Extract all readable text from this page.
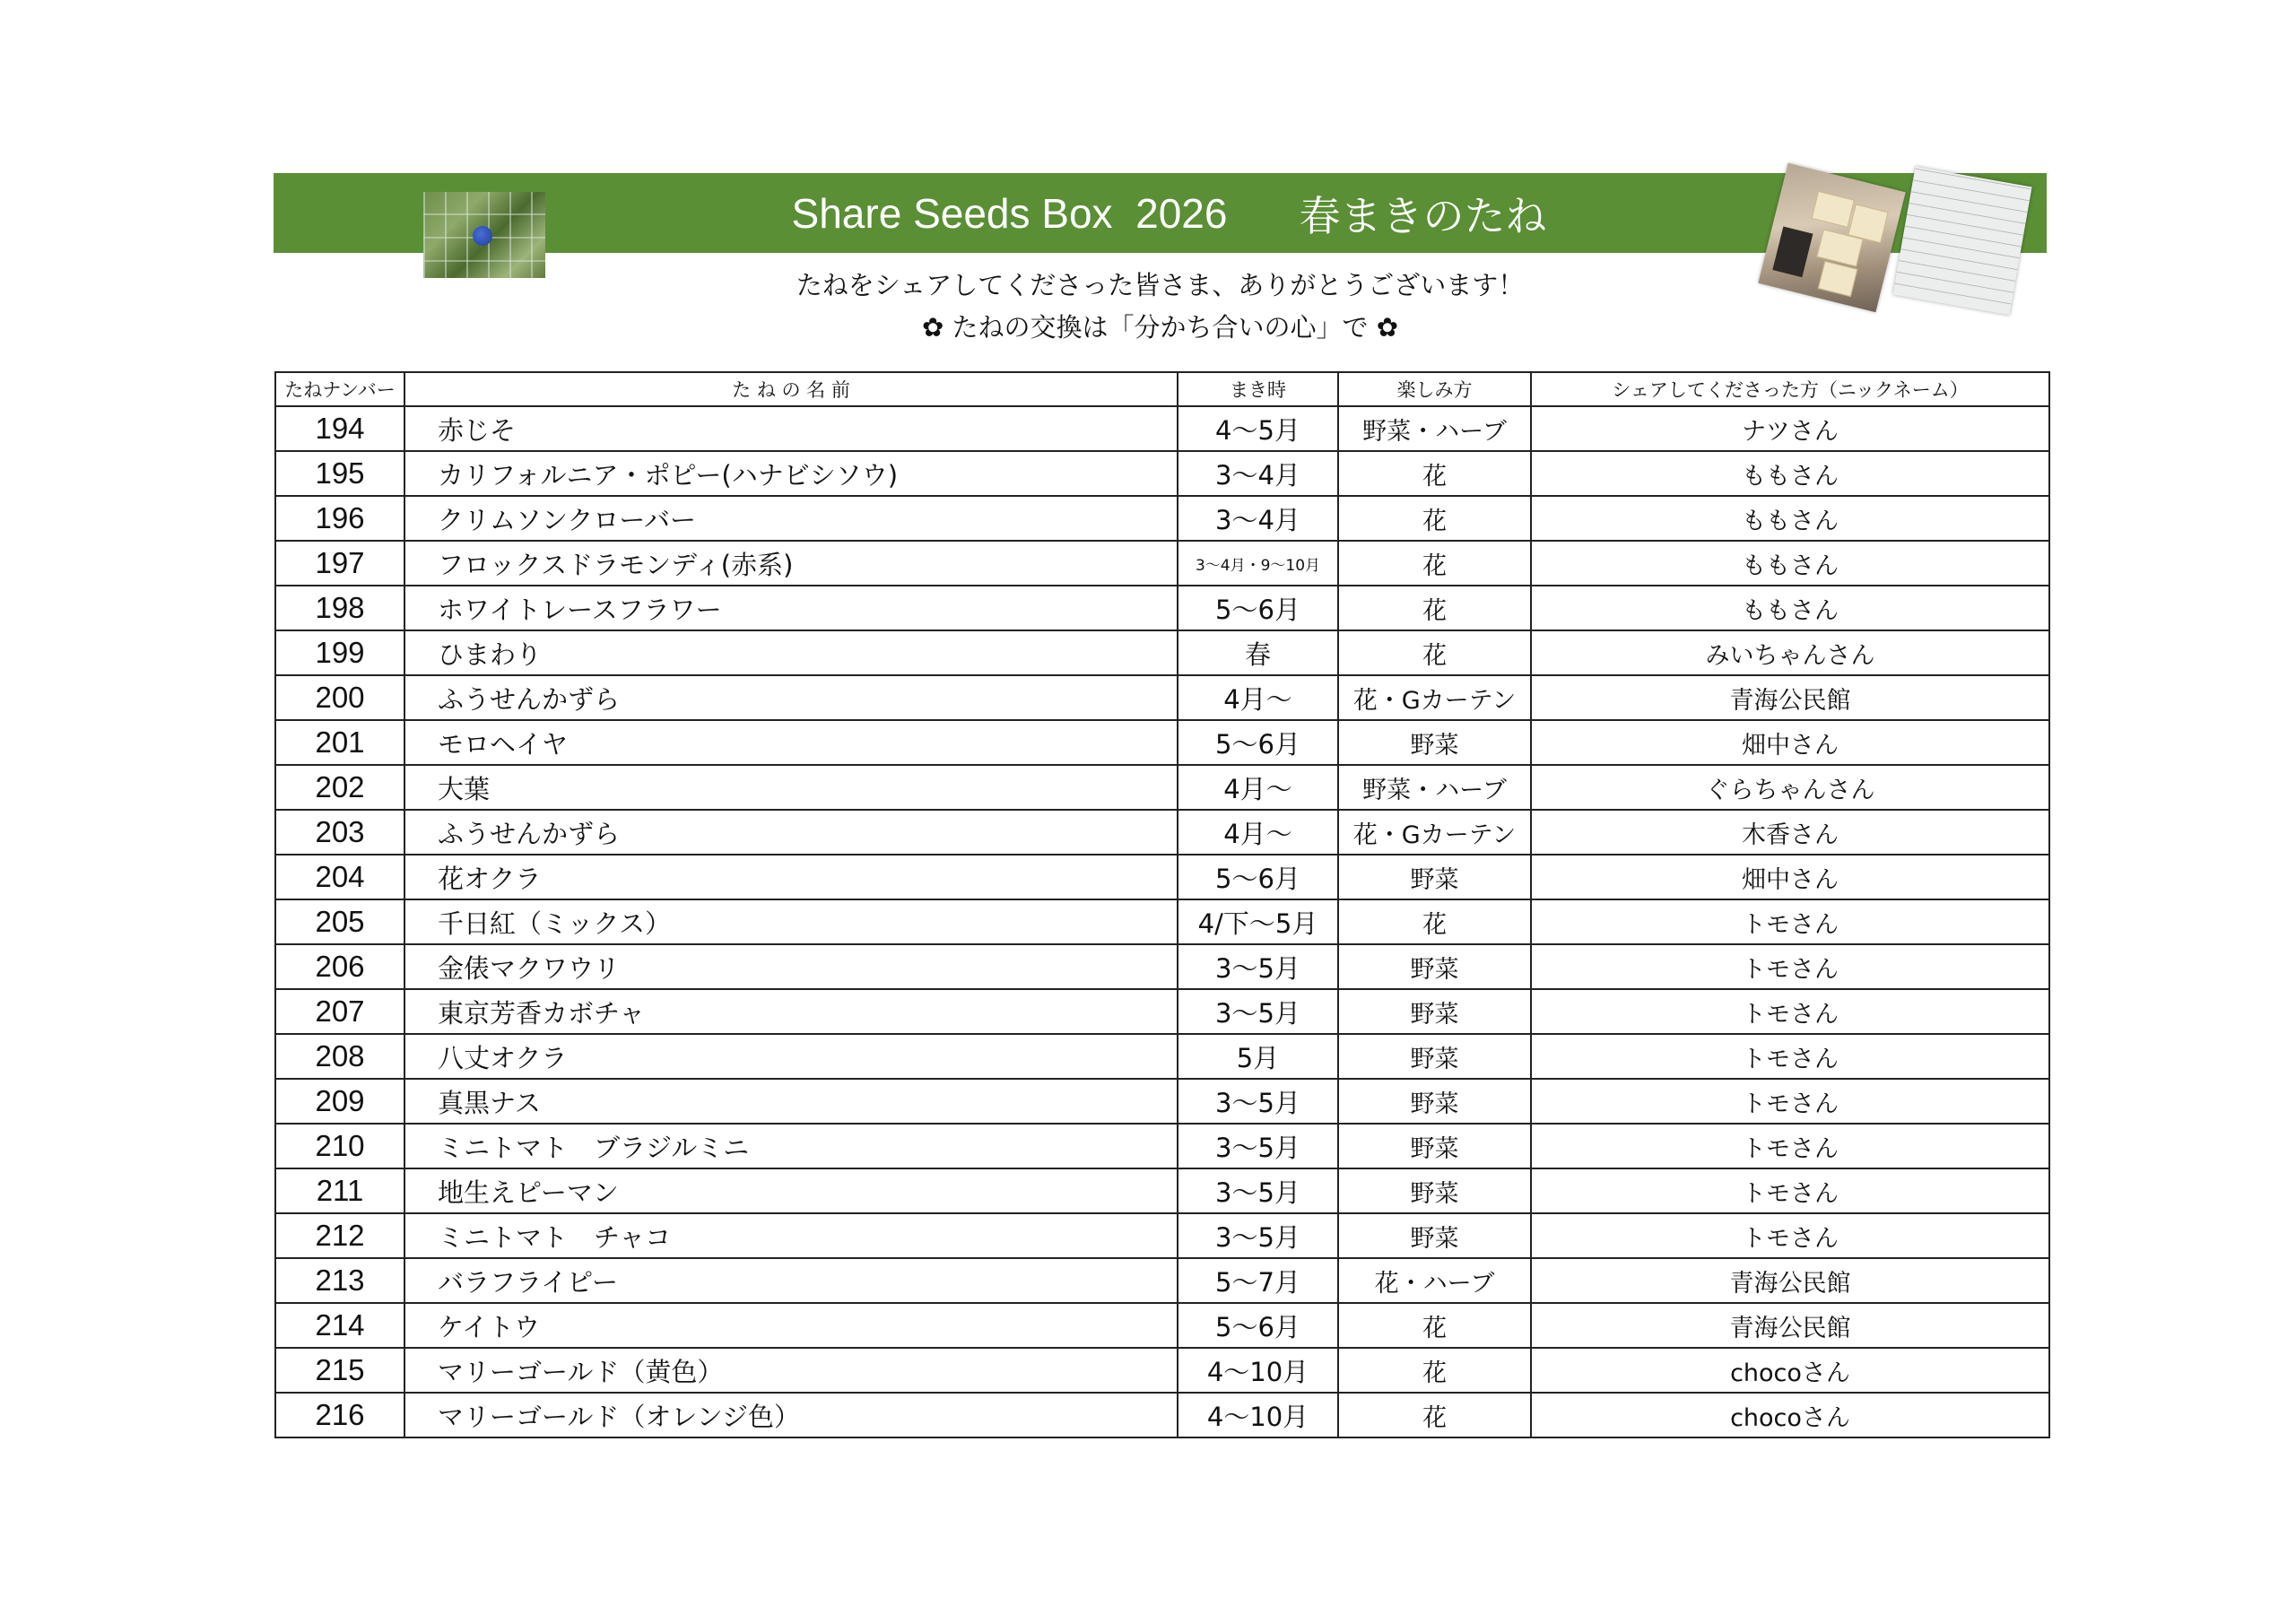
Share Seeds Box  2026 春まきのたね
たねをシェアしてくださった皆さま、ありがとうございます！
✿ たねの交換は「分かち合いの心」で ✿
たねナンバー	た ね の 名 前	まき時	楽しみ方	シェアしてくださった方（ニックネーム）
194	赤じそ	4～5月	野菜・ハーブ	ナツさん
195	カリフォルニア・ポピー(ハナビシソウ)	3～4月	花	ももさん
196	クリムソンクローバー	3～4月	花	ももさん
197	フロックスドラモンディ(赤系)	3～4月・9～10月	花	ももさん
198	ホワイトレースフラワー	5～6月	花	ももさん
199	ひまわり	春	花	みいちゃんさん
200	ふうせんかずら	4月～	花・Gカーテン	青海公民館
201	モロヘイヤ	5～6月	野菜	畑中さん
202	大葉	4月～	野菜・ハーブ	ぐらちゃんさん
203	ふうせんかずら	4月～	花・Gカーテン	木香さん
204	花オクラ	5～6月	野菜	畑中さん
205	千日紅（ミックス）	4/下～5月	花	トモさん
206	金俵マクワウリ	3～5月	野菜	トモさん
207	東京芳香カボチャ	3～5月	野菜	トモさん
208	八丈オクラ	5月	野菜	トモさん
209	真黒ナス	3～5月	野菜	トモさん
210	ミニトマト　ブラジルミニ	3～5月	野菜	トモさん
211	地生えピーマン	3～5月	野菜	トモさん
212	ミニトマト　チャコ	3～5月	野菜	トモさん
213	バラフライピー	5～7月	花・ハーブ	青海公民館
214	ケイトウ	5～6月	花	青海公民館
215	マリーゴールド（黄色）	4～10月	花	chocoさん
216	マリーゴールド（オレンジ色）	4～10月	花	chocoさん
